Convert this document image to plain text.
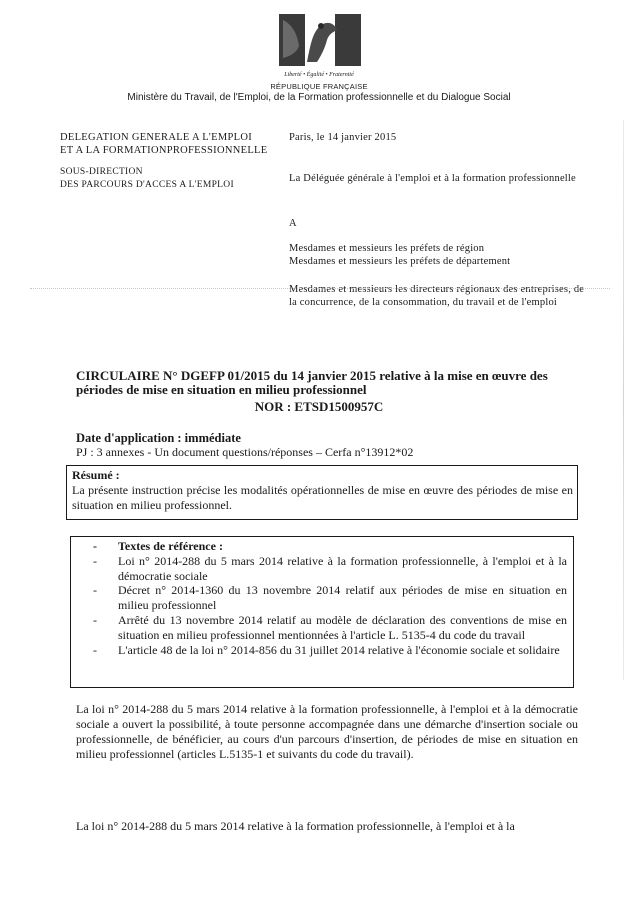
Liberté • Égalité • Fraternité
RÉPUBLIQUE FRANÇAISE
Ministère du Travail, de l'Emploi, de la Formation professionnelle et du Dialogue Social
DELEGATION GENERALE A L'EMPLOI
ET A LA FORMATIONPROFESSIONNELLE
SOUS-DIRECTION
DES PARCOURS D'ACCES A L'EMPLOI
Paris, le 14 janvier 2015
La Déléguée générale à l'emploi et à la formation professionnelle
A
Mesdames et messieurs les préfets de région
Mesdames et messieurs les préfets de département
Mesdames et messieurs les directeurs régionaux des entreprises, de la concurrence, de la consommation, du travail et de l'emploi
CIRCULAIRE N° DGEFP 01/2015 du 14 janvier 2015 relative à la mise en œuvre des périodes de mise en situation en milieu professionnel
NOR : ETSD1500957C
Date d'application : immédiate
PJ : 3 annexes - Un document questions/réponses – Cerfa n°13912*02
Résumé :
La présente instruction précise les modalités opérationnelles de mise en œuvre des périodes de mise en situation en milieu professionnel.
- Textes de référence :
- Loi n° 2014-288 du 5 mars 2014 relative à la formation professionnelle, à l'emploi et à la démocratie sociale
- Décret n° 2014-1360 du 13 novembre 2014 relatif aux périodes de mise en situation en milieu professionnel
- Arrêté du 13 novembre 2014 relatif au modèle de déclaration des conventions de mise en situation en milieu professionnel mentionnées à l'article L. 5135-4 du code du travail
- L'article 48 de la loi n° 2014-856 du 31 juillet 2014 relative à l'économie sociale et solidaire
La loi n° 2014-288 du 5 mars 2014 relative à la formation professionnelle, à l'emploi et à la démocratie sociale a ouvert la possibilité, à toute personne accompagnée dans une démarche d'insertion sociale ou professionnelle, de bénéficier, au cours d'un parcours d'insertion, de périodes de mise en situation en milieu professionnel (articles L.5135-1 et suivants du code du travail).
La loi n° 2014-288 du 5 mars 2014 relative à la formation professionnelle, à l'emploi et à la
